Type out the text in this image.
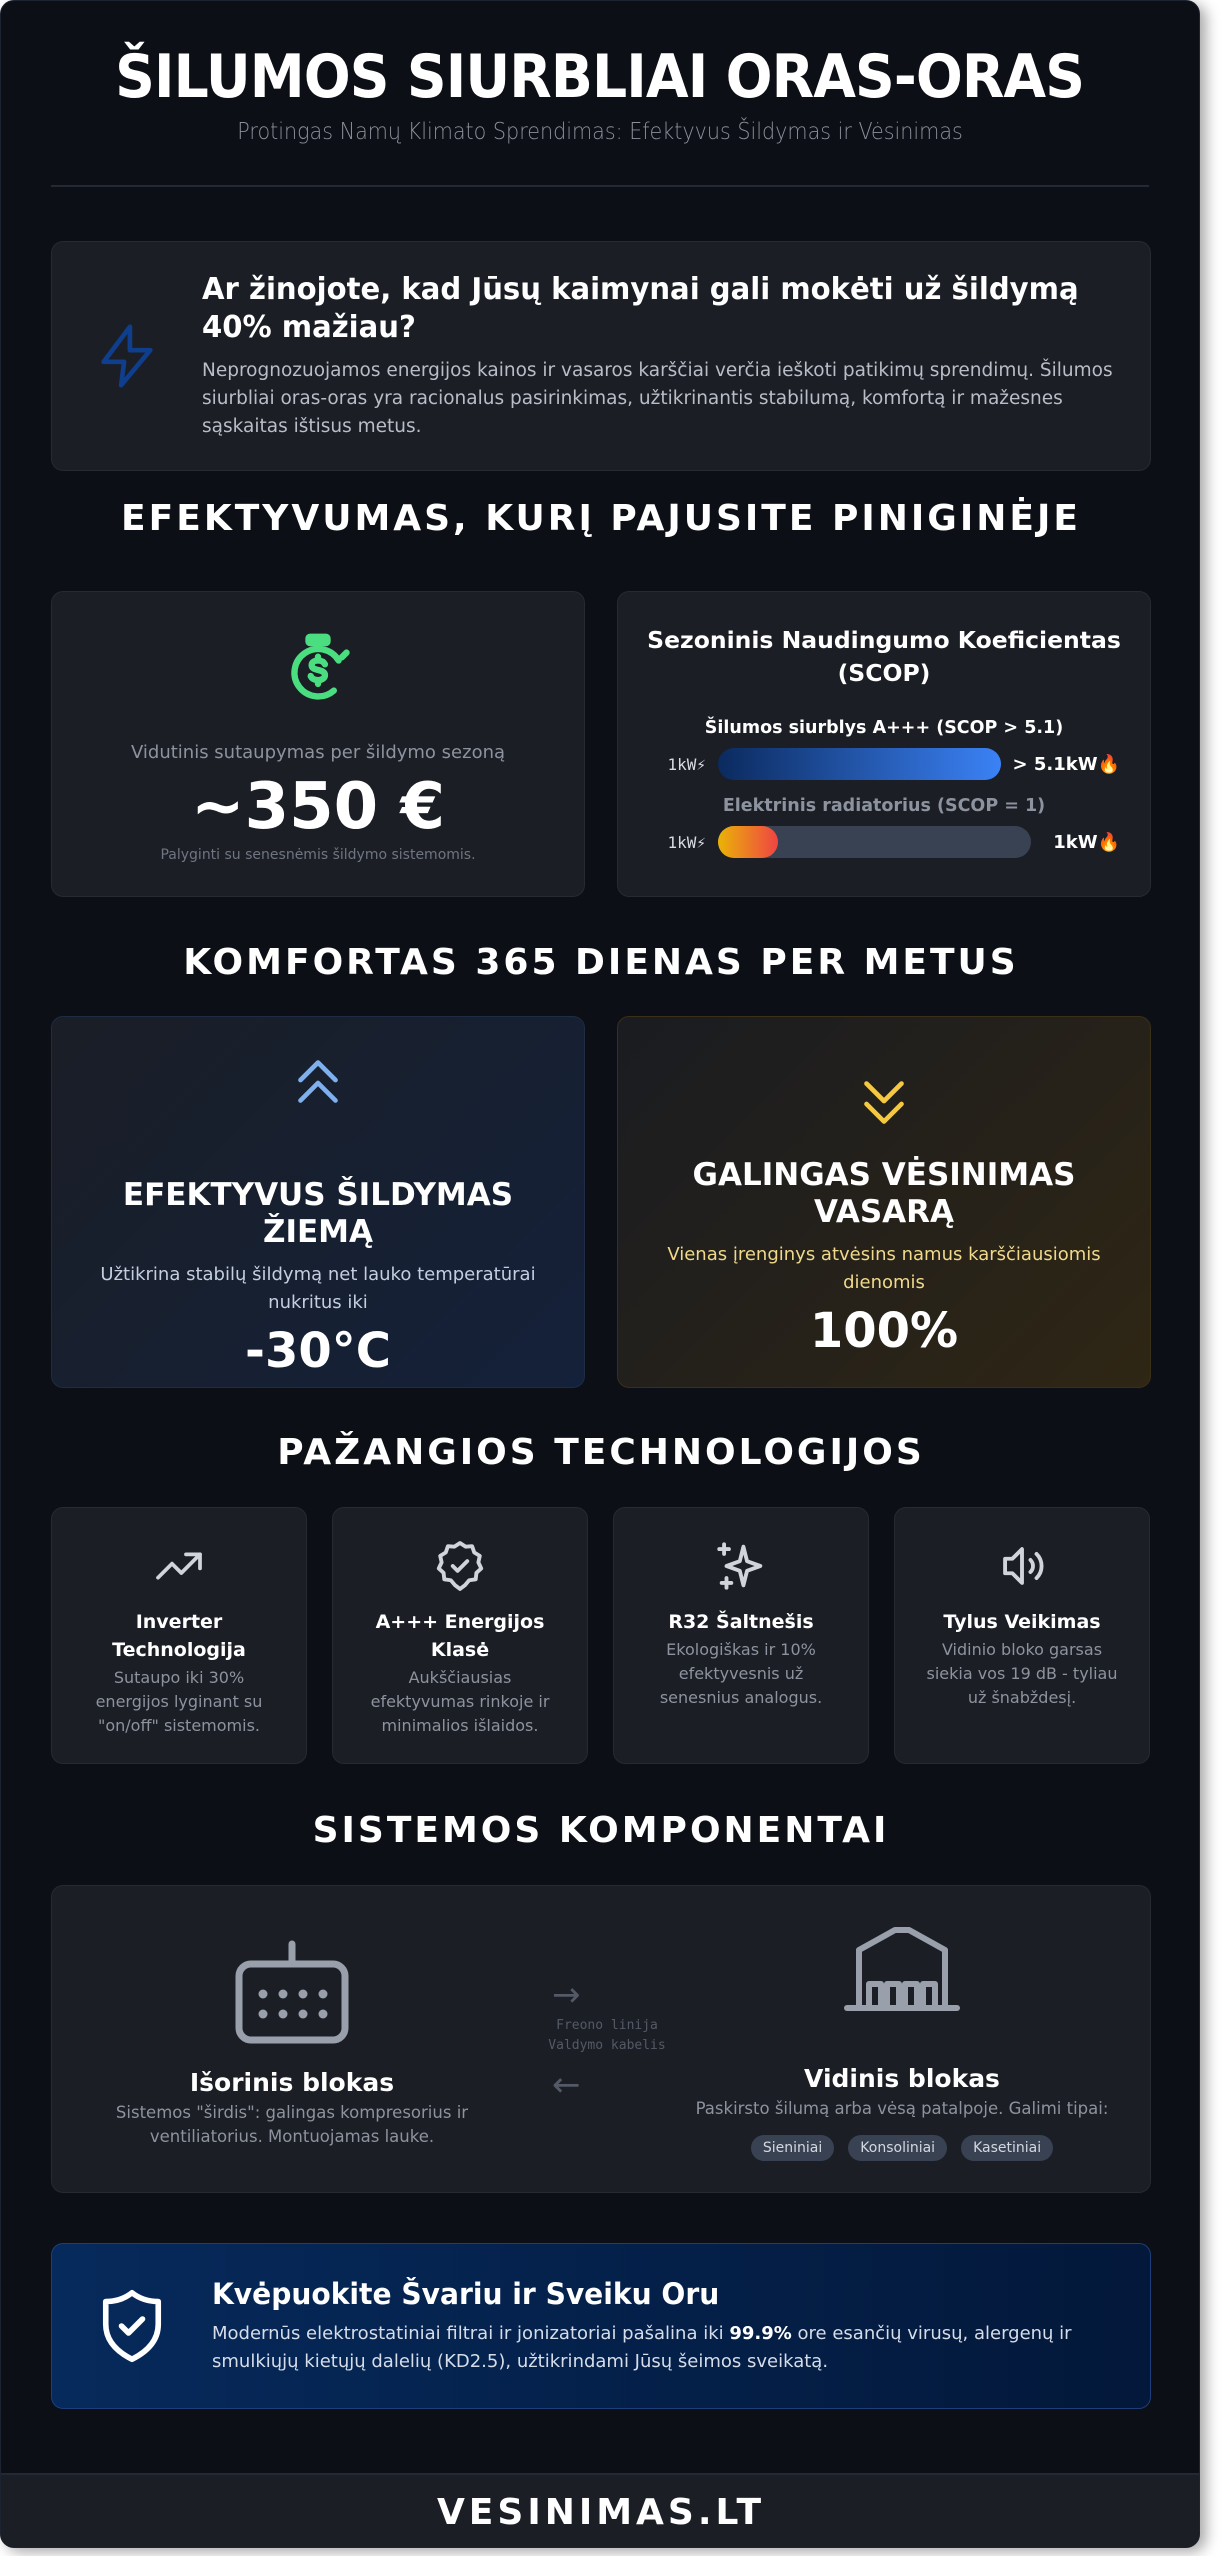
ŠILUMOS SIURBLIAI ORAS-ORAS
Protingas Namų Klimato Sprendimas: Efektyvus Šildymas ir Vėsinimas
Ar žinojote, kad Jūsų kaimynai gali mokėti už šildymą 40% mažiau?

Neprognozuojamos energijos kainos ir vasaros karščiai verčia ieškoti patikimų sprendimų. Šilumos siurbliai oras-oras yra racionalus pasirinkimas, užtikrinantis stabilumą, komfortą ir mažesnes sąskaitas ištisus metus.

EFEKTYVUMAS, KURĮ PAJUSITE PINIGINĖJE
Vidutinis sutaupymas per šildymo sezoną
~350 €
Palyginti su senesnėmis šildymo sistemomis.
Sezoninis Naudingumo Koeficientas (SCOP)
Šilumos siurblys A+++ (SCOP > 5.1)
1kW⚡	> 5.1kW🔥
Elektrinis radiatorius (SCOP = 1)
1kW⚡	1kW🔥
KOMFORTAS 365 DIENAS PER METUS
EFEKTYVUS ŠILDYMAS ŽIEMĄ

Užtikrina stabilų šildymą net lauko temperatūrai nukritus iki

-30°C
GALINGAS VĖSINIMAS VASARĄ

Vienas įrenginys atvėsins namus karščiausiomis dienomis

100%
PAŽANGIOS TECHNOLOGIJOS
Inverter Technologija

Sutaupo iki 30% energijos lyginant su "on/off" sistemomis.

A+++ Energijos Klasė

Aukščiausias efektyvumas rinkoje ir minimalios išlaidos.

R32 Šaltnešis

Ekologiškas ir 10% efektyvesnis už senesnius analogus.

Tylus Veikimas

Vidinio bloko garsas siekia vos 19 dB - tyliau už šnabždesį.

SISTEMOS KOMPONENTAI
Išorinis blokas

Sistemos "širdis": galingas kompresorius ir ventiliatorius. Montuojamas lauke.

→
Freono linija
Valdymo kabelis
←	Vidinis blokas

Paskirsto šilumą arba vėsą patalpoje. Galimi tipai:

Sieniniai	Konsoliniai	Kasetiniai
Kvėpuokite Švariu ir Sveiku Oru

Modernūs elektrostatiniai filtrai ir jonizatoriai pašalina iki 99.9% ore esančių virusų, alergenų ir smulkiųjų kietųjų dalelių (KD2.5), užtikrindami Jūsų šeimos sveikatą.

VESINIMAS.LT
